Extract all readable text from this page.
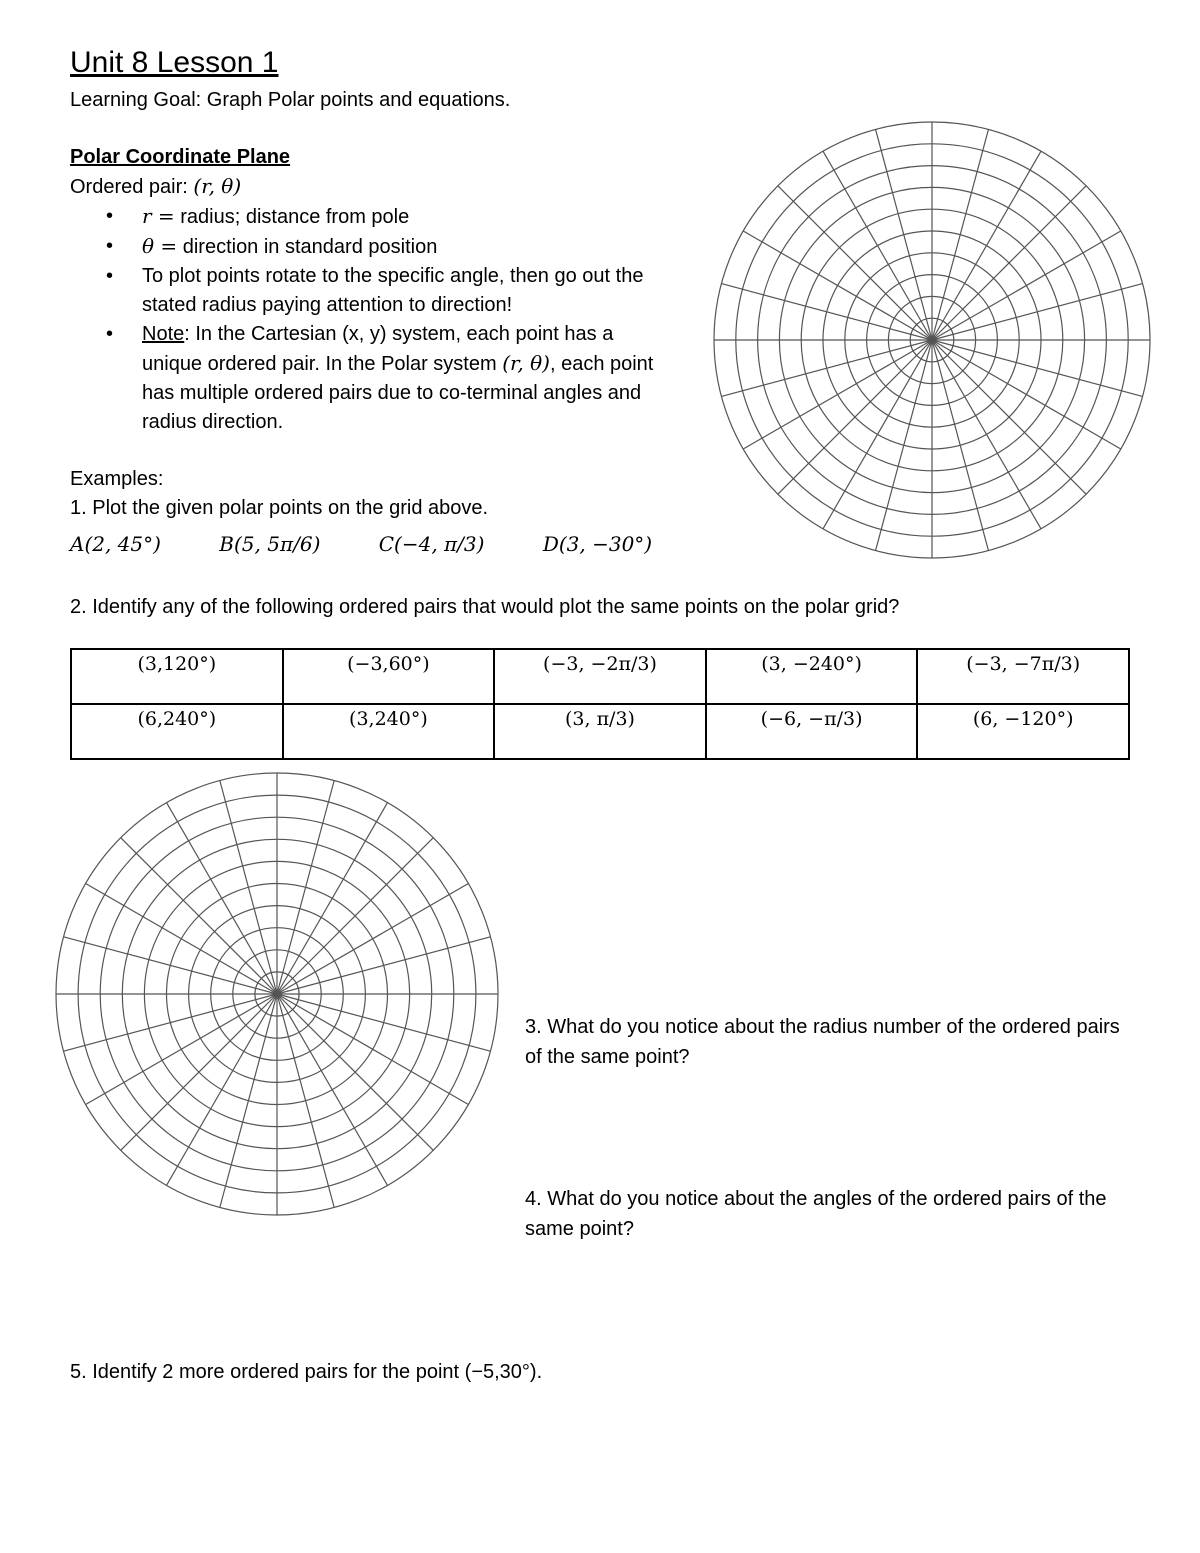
Unit 8 Lesson 1
Learning Goal: Graph Polar points and equations.
Polar Coordinate Plane
Ordered pair: (r, θ)
• r = radius; distance from pole
• θ = direction in standard position
• To plot points rotate to the specific angle, then go out the stated radius paying attention to direction!
• Note: In the Cartesian (x, y) system, each point has a unique ordered pair. In the Polar system (r, θ), each point has multiple ordered pairs due to co-terminal angles and radius direction.
Examples:
1. Plot the given polar points on the grid above.
A(2, 45°)	B(5, 5π/6)	C(−4, π/3)	D(3, −30°)
2. Identify any of the following ordered pairs that would plot the same points on the polar grid?
(3,120°)	(−3,60°)	(−3, −2π/3)	(3, −240°)	(−3, −7π/3)
(6,240°)	(3,240°)	(3, π/3)	(−6, −π/3)	(6, −120°)
3. What do you notice about the radius number of the ordered pairs of the same point?
4. What do you notice about the angles of the ordered pairs of the same point?
5. Identify 2 more ordered pairs for the point (−5,30°).
